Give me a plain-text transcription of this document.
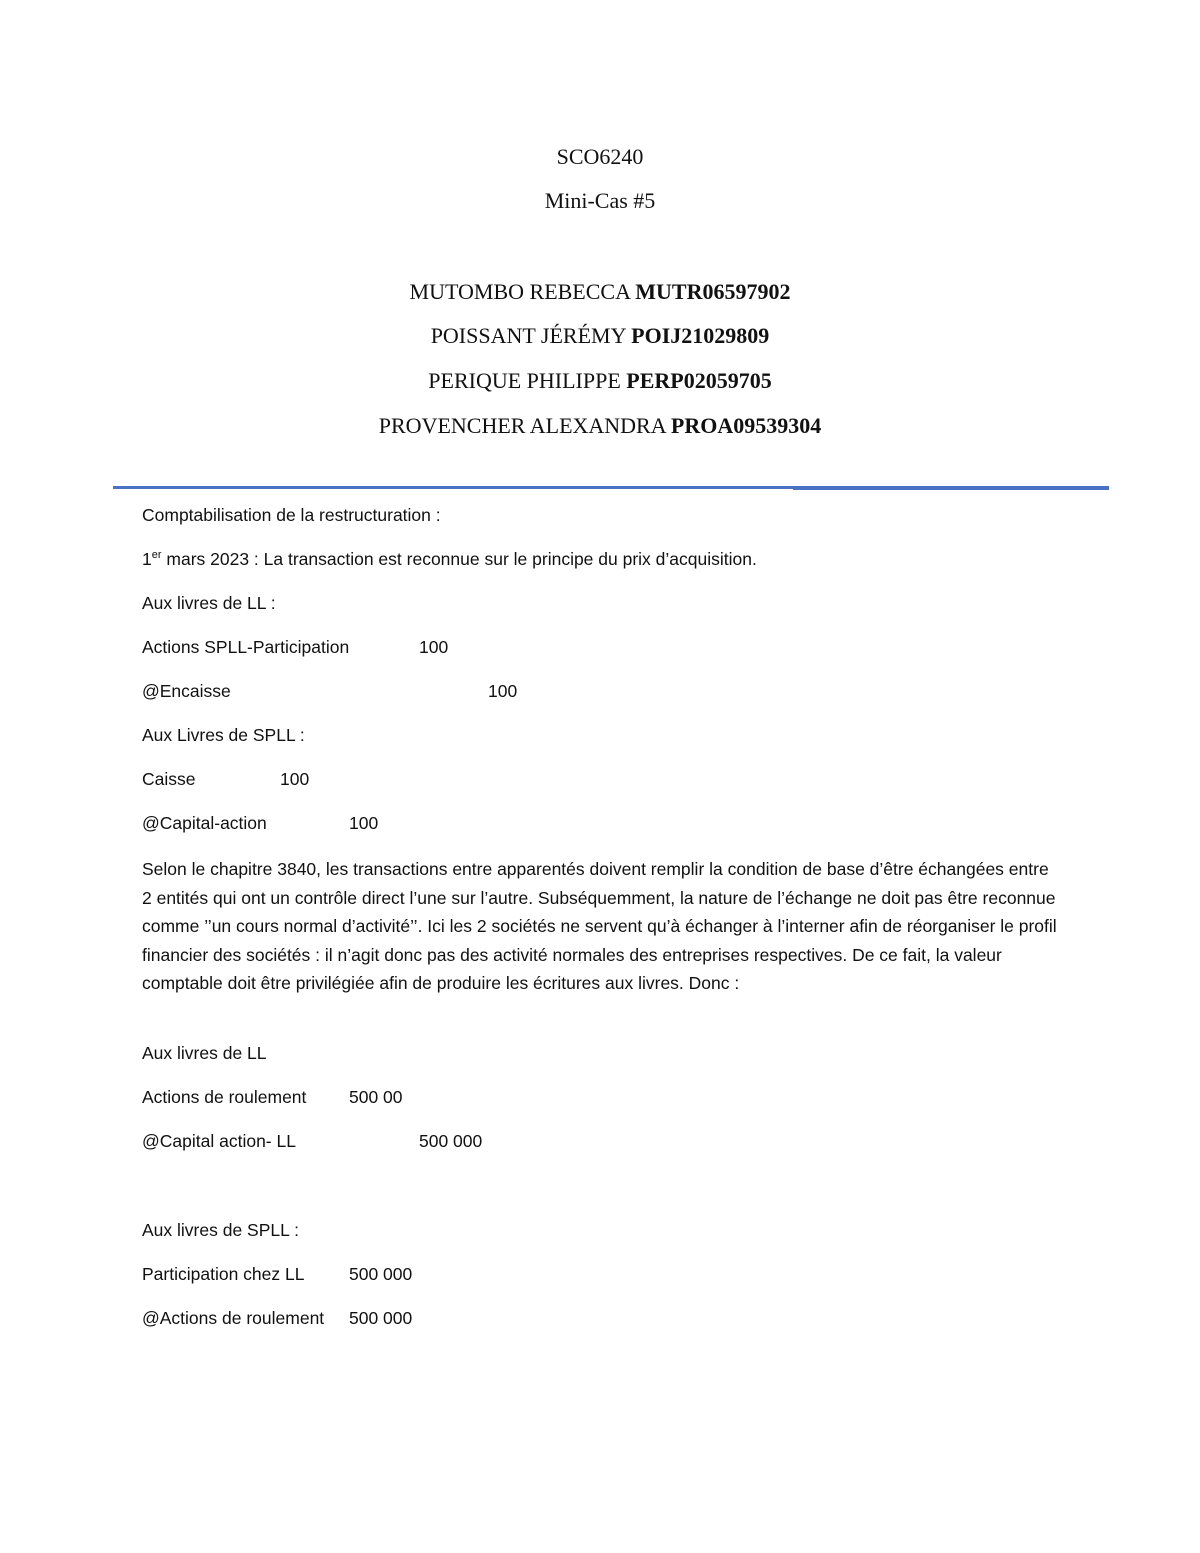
SCO6240
Mini-Cas #5
MUTOMBO REBECCA MUTR06597902
POISSANT JÉRÉMY POIJ21029809
PERIQUE PHILIPPE PERP02059705
PROVENCHER ALEXANDRA PROA09539304
Comptabilisation de la restructuration :
1er mars 2023 : La transaction est reconnue sur le principe du prix d’acquisition.
Aux livres de LL :
Actions SPLL-Participation	100
@Encaisse	100
Aux Livres de SPLL :
Caisse	100
@Capital-action	100
Selon le chapitre 3840, les transactions entre apparentés doivent remplir la condition de base d’être échangées entre 2 entités qui ont un contrôle direct l’une sur l’autre. Subséquemment, la nature de l’échange ne doit pas être reconnue comme ’’un cours normal d’activité’’. Ici les 2 sociétés ne servent qu’à échanger à l’interner afin de réorganiser le profil financier des sociétés : il n’agit donc pas des activité normales des entreprises respectives. De ce fait, la valeur comptable doit être privilégiée afin de produire les écritures aux livres. Donc :
Aux livres de LL
Actions de roulement 500 00
@Capital action- LL	500 000
Aux livres de SPLL :
Participation chez LL	500 000
@Actions de roulement 500 000
